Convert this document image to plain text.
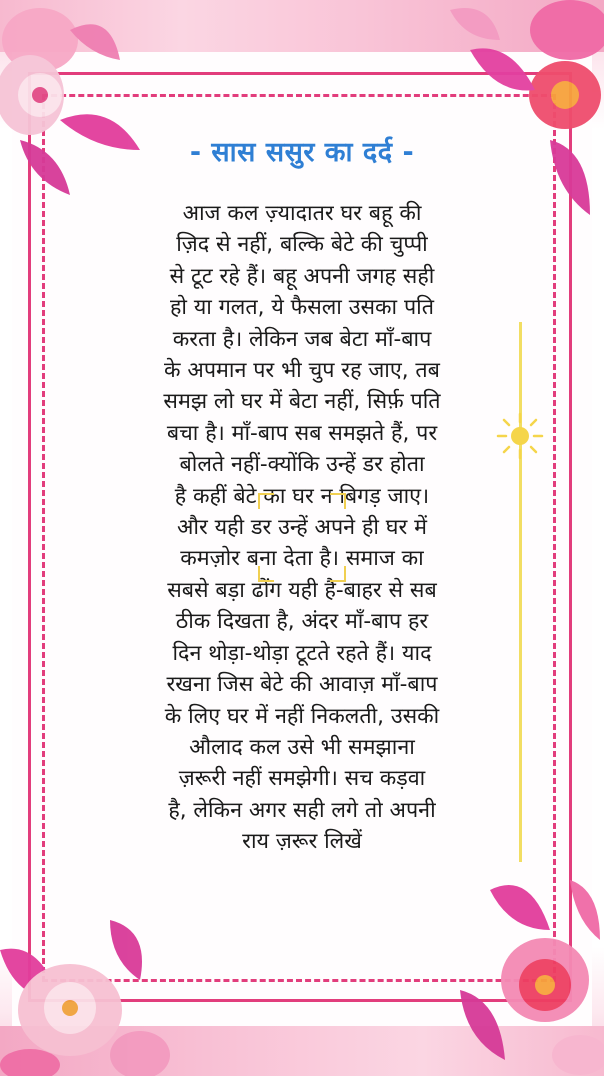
- सास ससुर का दर्द -
आज कल ज़्यादातर घर बहू की
ज़िद से नहीं, बल्कि बेटे की चुप्पी
से टूट रहे हैं। बहू अपनी जगह सही
हो या गलत, ये फैसला उसका पति
करता है। लेकिन जब बेटा माँ-बाप
के अपमान पर भी चुप रह जाए, तब
समझ लो घर में बेटा नहीं, सिर्फ़ पति
बचा है। माँ-बाप सब समझते हैं, पर
बोलते नहीं-क्योंकि उन्हें डर होता
है कहीं बेटे का घर न बिगड़ जाए।
और यही डर उन्हें अपने ही घर में
कमज़ोर बना देता है। समाज का
सबसे बड़ा ढोंग यही है-बाहर से सब
ठीक दिखता है, अंदर माँ-बाप हर
दिन थोड़ा-थोड़ा टूटते रहते हैं। याद
रखना जिस बेटे की आवाज़ माँ-बाप
के लिए घर में नहीं निकलती, उसकी
औलाद कल उसे भी समझाना
ज़रूरी नहीं समझेगी। सच कड़वा
है, लेकिन अगर सही लगे तो अपनी
राय ज़रूर लिखें
